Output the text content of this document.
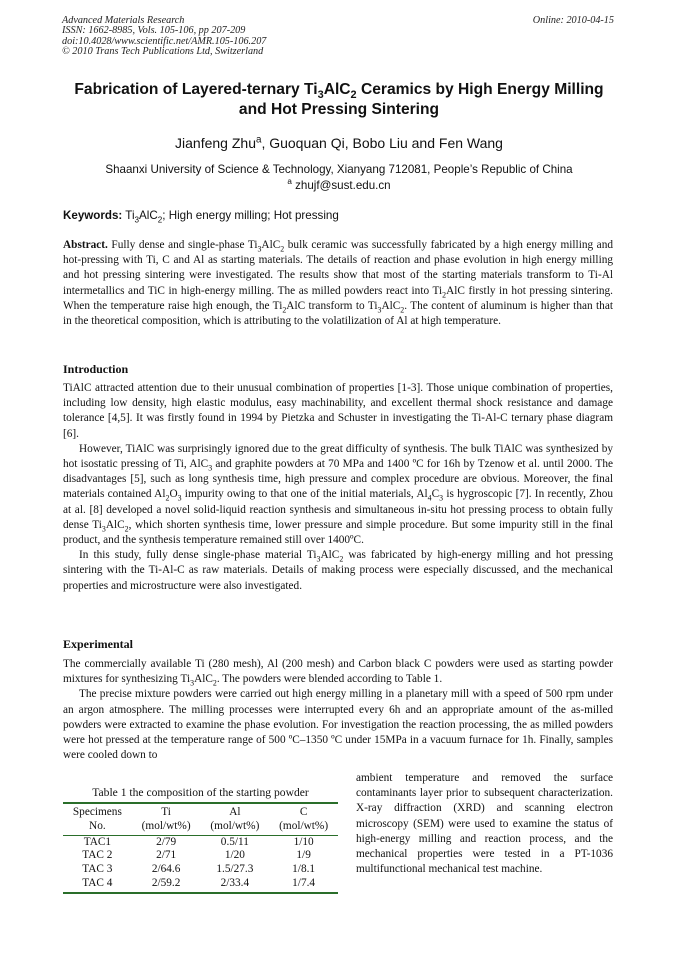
Advanced Materials Research
ISSN: 1662-8985, Vols. 105-106, pp 207-209
doi:10.4028/www.scientific.net/AMR.105-106.207
© 2010 Trans Tech Publications Ltd, Switzerland
Online: 2010-04-15
Fabrication of Layered-ternary $Ti_3AlC_2$ Ceramics by High Energy Milling and Hot Pressing Sintering
Jianfeng Zhu$^a$, Guoquan Qi, Bobo Liu and Fen Wang
Shaanxi University of Science & Technology, Xianyang 712081, People’s Republic of China
$^a$ zhujf@sust.edu.cn
Keywords: $Ti_3AlC_2$; High energy milling; Hot pressing

Abstract. Fully dense and single-phase $Ti_3AlC_2$ bulk ceramic was successfully fabricated by a high energy milling and hot-pressing with Ti, C and Al as starting materials. The details of reaction and phase evolution in high energy milling and hot pressing sintering were investigated. The results show that most of the starting materials transform to Ti-Al intermetallics and TiC in high-energy milling. The as milled powders react into $Ti_2AlC$ firstly in hot pressing sintering. When the temperature raise high enough, the $Ti_2AlC$ transform to $Ti_3AlC_2$. The content of aluminum is higher than that in the theoretical composition, which is attributing to the volatilization of Al at high temperature.

Introduction

TiAlC attracted attention due to their unusual combination of properties [1-3]. Those unique combination of properties, including low density, high elastic modulus, easy machinability, and excellent thermal shock resistance and damage tolerance [4,5]. It was firstly found in 1994 by Pietzka and Schuster in investigating the Ti-Al-C ternary phase diagram [6].

However, TiAlC was surprisingly ignored due to the great difficulty of synthesis. The bulk TiAlC was synthesized by hot isostatic pressing of Ti, AlC$_3$ and graphite powders at 70 MPa and 1400 ºC for 16h by Tzenow et al. until 2000. The disadvantages [5], such as long synthesis time, high pressure and complex procedure are obvious. Moreover, the final materials contained $Al_2O_3$ impurity owing to that one of the initial materials, $Al_4C_3$ is hygroscopic [7]. In recently, Zhou at al. [8] developed a novel solid-liquid reaction synthesis and simultaneous in-situ hot pressing process to obtain fully dense $Ti_3AlC_2$, which shorten synthesis time, lower pressure and simple procedure. But some impurity still in the final product, and the synthesis temperature remained still over 1400ºC.

In this study, fully dense single-phase material $Ti_3AlC_2$ was fabricated by high-energy milling and hot pressing sintering with the Ti-Al-C as raw materials. Details of making process were especially discussed, and the mechanical properties and microstructure were also investigated.

Experimental

The commercially available Ti (280 mesh), Al (200 mesh) and Carbon black C powders were used as starting powder mixtures for synthesizing $Ti_3AlC_2$. The powders were blended according to Table 1.

The precise mixture powders were carried out high energy milling in a planetary mill with a speed of 500 rpm under an argon atmosphere. The milling processes were interrupted every 6h and an appropriate amount of the as-milled powders were extracted to examine the phase evolution. For investigation the reaction processing, the as milled powders were hot pressed at the temperature range of 500 ºC–1350 ºC under 15MPa in a vacuum furnace for 1h. Finally, samples were cooled down to

ambient temperature and removed the surface contaminants layer prior to subsequent characterization. X-ray diffraction (XRD) and scanning electron microscopy (SEM) were used to examine the status of high-energy milling and reaction process, and the mechanical properties were tested in a PT-1036 multifunctional mechanical test machine.

Table 1 the composition of the starting powder
Specimens	Ti	Al	C
No.	(mol/wt%)	(mol/wt%)	(mol/wt%)
TAC1	2/79	0.5/11	1/10
TAC 2	2/71	1/20	1/9
TAC 3	2/64.6	1.5/27.3	1/8.1
TAC 4	2/59.2	2/33.4	1/7.4
